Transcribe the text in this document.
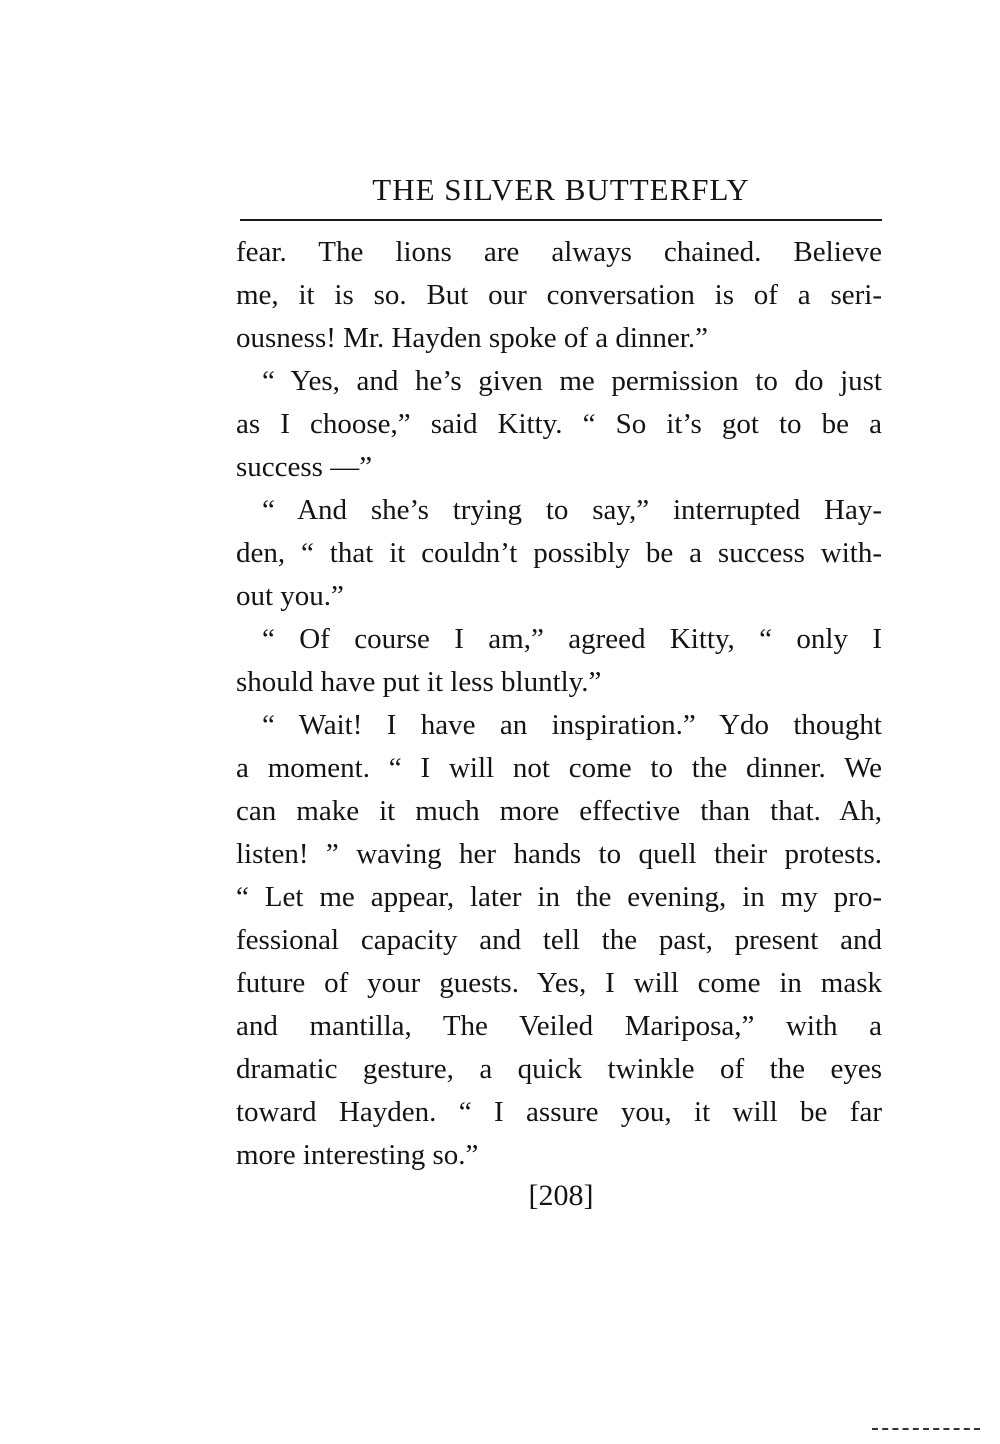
THE SILVER BUTTERFLY
fear. The lions are always chained. Believe
me, it is so. But our conversation is of a seri-
ousness! Mr. Hayden spoke of a dinner.”
“ Yes, and he’s given me permission to do just
as I choose,” said Kitty. “ So it’s got to be a
success —”
“ And she’s trying to say,” interrupted Hay-
den, “ that it couldn’t possibly be a success with-
out you.”
“ Of course I am,” agreed Kitty, “ only I
should have put it less bluntly.”
“ Wait! I have an inspiration.” Ydo thought
a moment. “ I will not come to the dinner. We
can make it much more effective than that. Ah,
listen! ” waving her hands to quell their protests.
“ Let me appear, later in the evening, in my pro-
fessional capacity and tell the past, present and
future of your guests. Yes, I will come in mask
and mantilla, The Veiled Mariposa,” with a
dramatic gesture, a quick twinkle of the eyes
toward Hayden. “ I assure you, it will be far
more interesting so.”
[208]
